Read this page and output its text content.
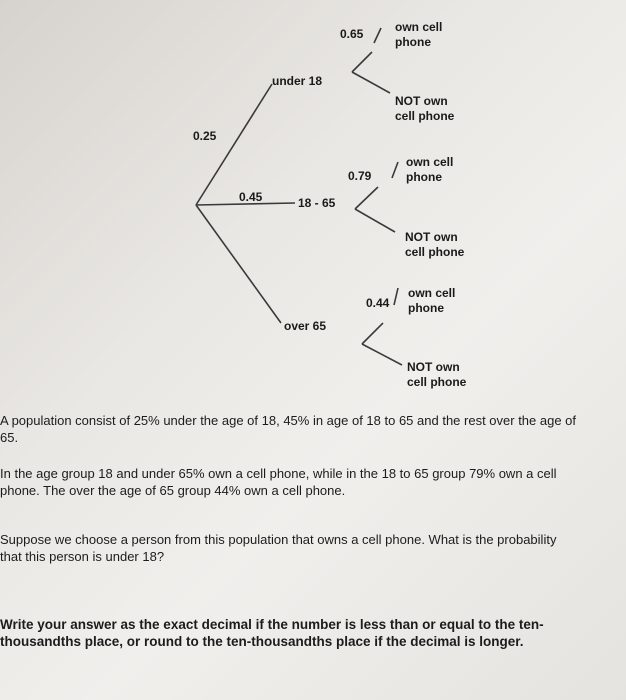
0.25
0.45
under 18
18 - 65
over 65
0.65
0.79
0.44
own cell
phone
NOT own
cell phone
own cell
phone
NOT own
cell phone
own cell
phone
NOT own
cell phone
A population consist of 25% under the age of 18, 45% in age of 18 to 65 and the rest over the age of
65.
In the age group 18 and under 65% own a cell phone, while in the 18 to 65 group 79% own a cell
phone. The over the age of 65 group 44% own a cell phone.
Suppose we choose a person from this population that owns a cell phone. What is the probability
that this person is under 18?
Write your answer as the exact decimal if the number is less than or equal to the ten-
thousandths place, or round to the ten-thousandths place if the decimal is longer.
